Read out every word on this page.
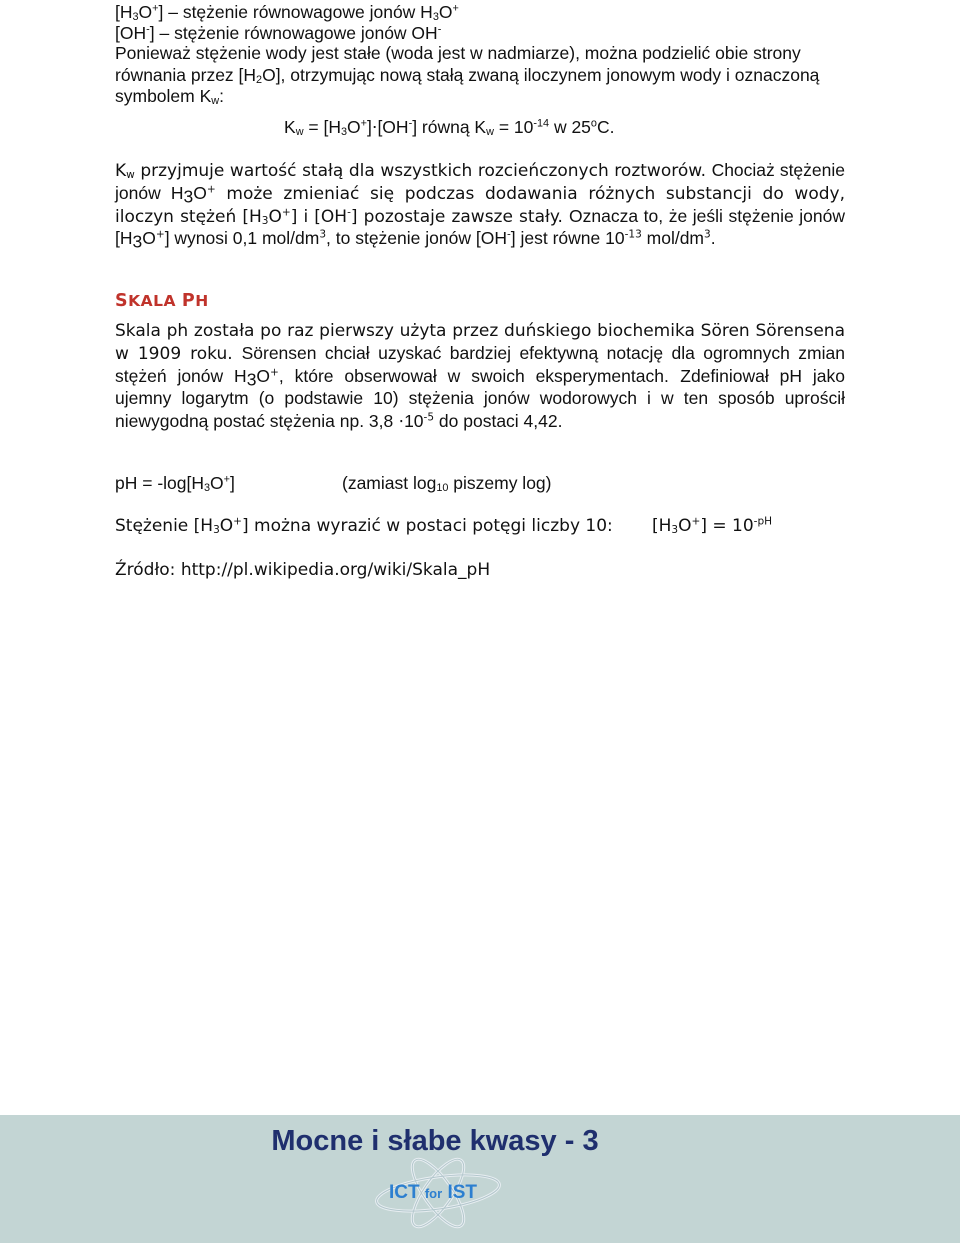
$[H_3O^+]$ – stężenie równowagowe jonów $H_3O^+$
[OH-] – stężenie równowagowe jonów OH-

Ponieważ stężenie wody jest stałe (woda jest w nadmiarze), można podzielić obie strony równania przez $[H_2O]$, otrzymując nową stałą zwaną iloczynem jonowym wody i oznaczoną symbolem $K_w$:

$K_w = [H_3O^+]\cdot[OH^-]$ równą $K_w = 10^{-14}$ w 25$^o$C.

$K_w$ przyjmuje wartość stałą dla wszystkich rozcieńczonych roztworów. Chociaż stężenie jonów $H_3O^+$ może zmieniać się podczas dodawania różnych substancji do wody, iloczyn stężeń $[H_3O^+]$ i [OH-] pozostaje zawsze stały. Oznacza to, że jeśli stężenie jonów $[H_3O^+]$ wynosi 0,1 mol/$dm^3$, to stężenie jonów [OH-] jest równe $10^{-13}$ mol/$dm^3$.

SKALA PH

Skala ph została po raz pierwszy użyta przez duńskiego biochemika Sören Sörensena w 1909 roku. Sörensen chciał uzyskać bardziej efektywną notację dla ogromnych zmian stężeń jonów $H_3O^+$, które obserwował w swoich eksperymentach. Zdefiniował pH jako ujemny logarytm (o podstawie 10) stężenia jonów wodorowych i w ten sposób uprościł niewygodną postać stężenia np. $3,8 \cdot 10^{-5}$ do postaci 4,42.

pH = $-\log[H_3O^+]$	(zamiast $\log_{10}$ piszemy log)
Stężenie $[H_3O^+]$ można wyrazić w postaci potęgi liczby 10: $[H_3O^+] = 10^{-pH}$
Źródło: http://pl.wikipedia.org/wiki/Skala_pH
Mocne i słabe kwasy - 3
ICT for IST
